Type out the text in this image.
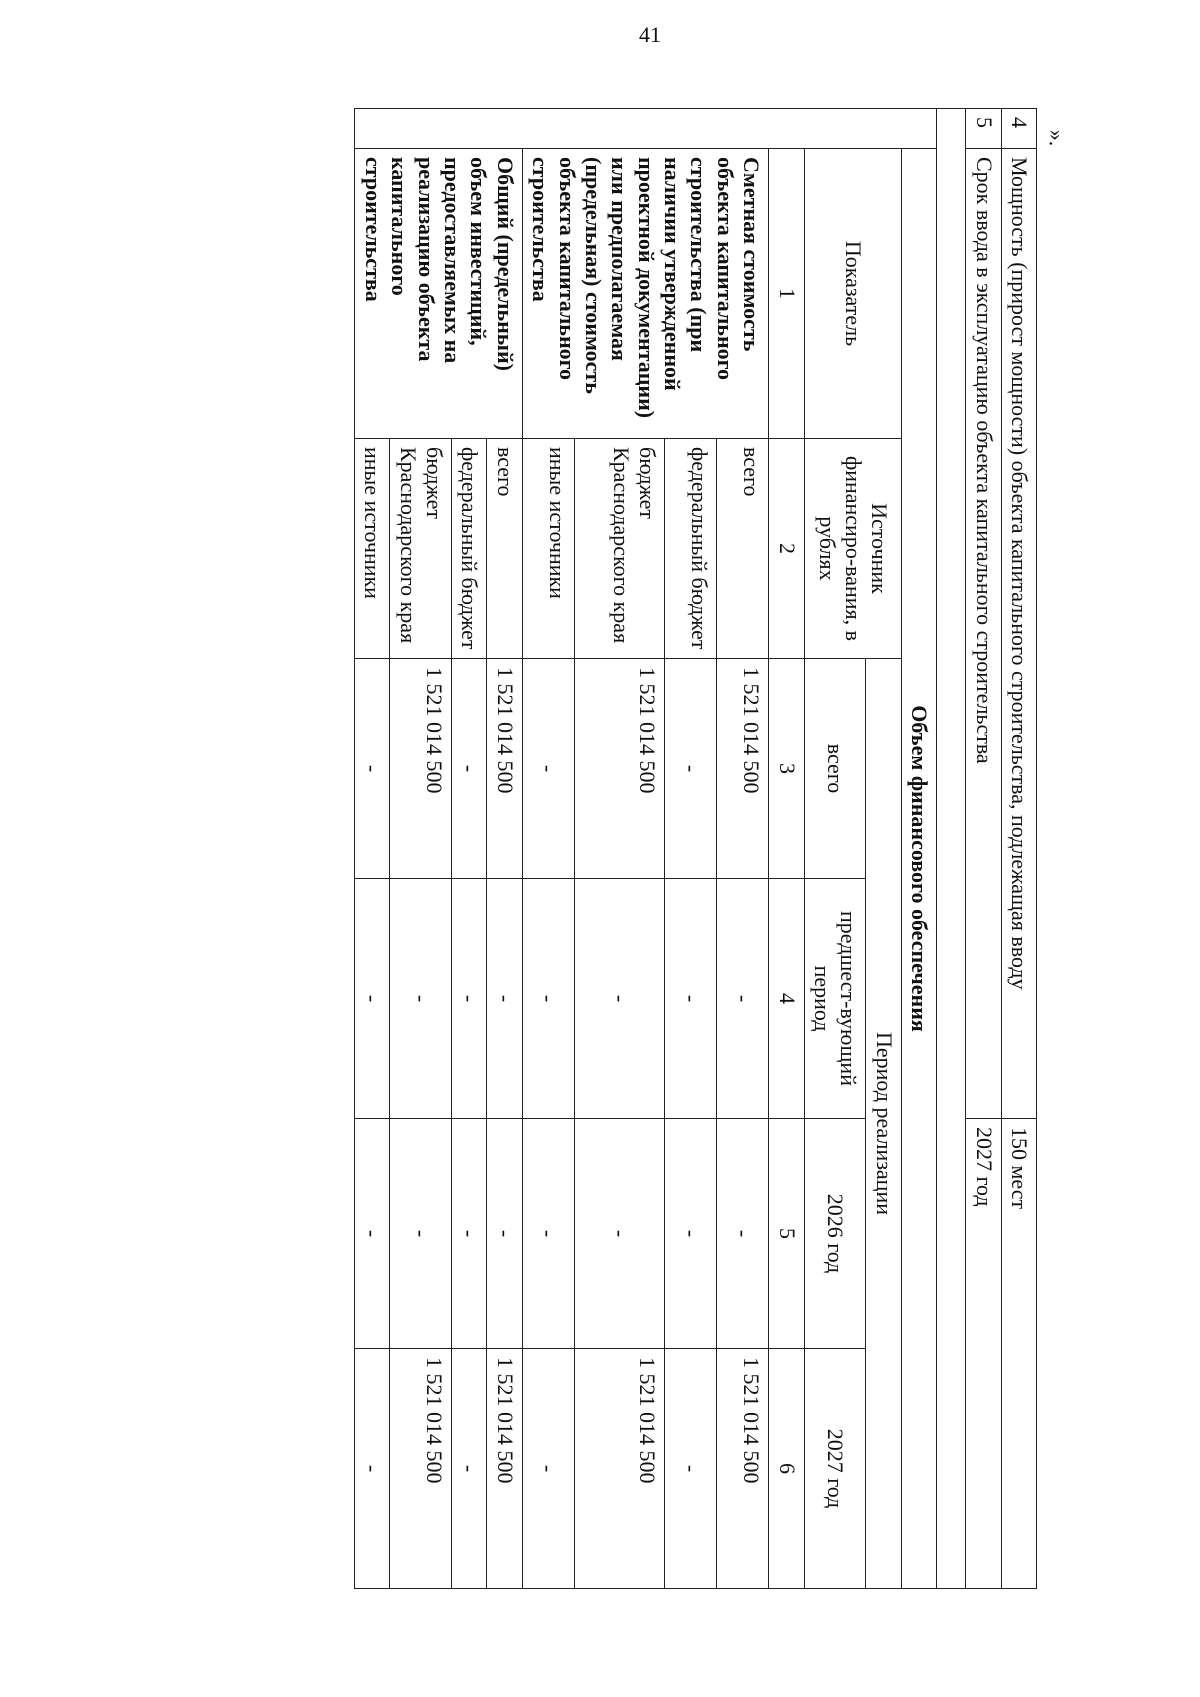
41
».
4	Мощность (прирост мощности) объекта капитального строительства, подлежащая вводу				150 мест	
5	Срок ввода в эксплуатацию объекта капитального строительства				2027 год	

	Объем финансового обеспечения					
	Показатель	Источник финансиро-вания, в рублях	Период реализации			
			всего	предшест-вующий период	2026 год	2027 год
	1	2	3	4	5	6
	Сметная стоимость объекта капитального строительства (при наличии утвержденной проектной документации) или предполагаемая (предельная) стоимость объекта капитального строительства	всего	1 521 014 500	-	-	1 521 014 500
		федеральный бюджет	-	-	-	-
		бюджет Краснодарского края	1 521 014 500	-	-	1 521 014 500
		иные источники	-	-	-	-
	Общий (предельный) объем инвестиций, предоставляемых на реализацию объекта капитального строительства	всего	1 521 014 500	-	-	1 521 014 500
		федеральный бюджет	-	-	-	-
		бюджет Краснодарского края	1 521 014 500	-	-	1 521 014 500
		иные источники	-	-	-	-
